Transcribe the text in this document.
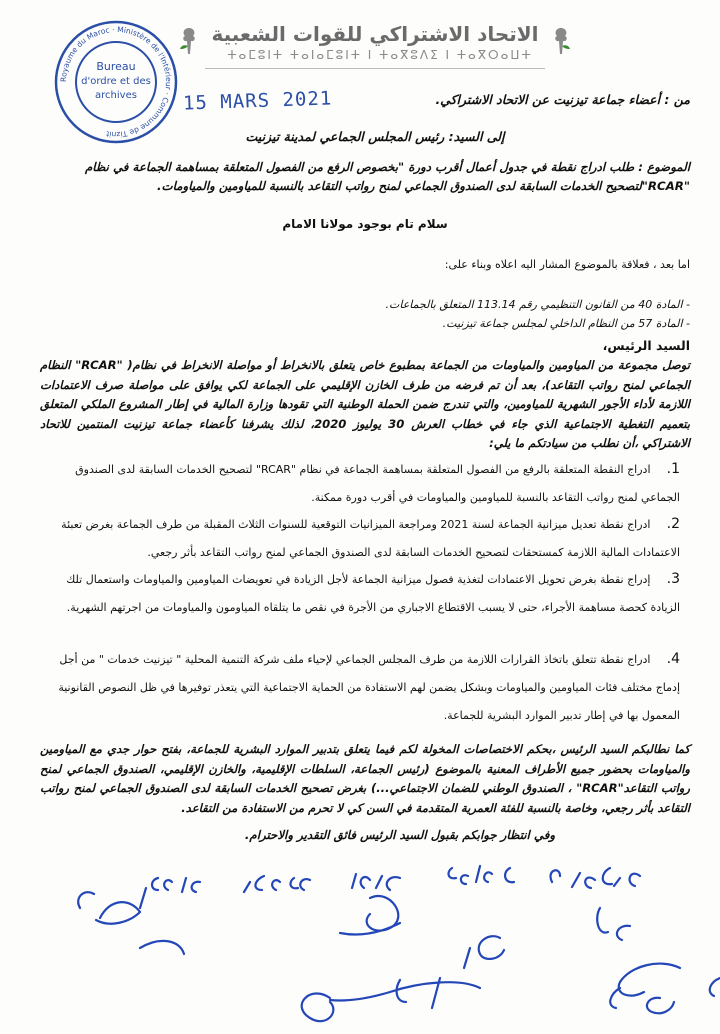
الاتحاد الاشتراكي للقوات الشعبية
ⵜⴰⵎⵓⵏⵜ ⵜⴰⵏⴰⵎⵓⵏⵜ ⵏ ⵜⴰⴳⵓⴷⵉ ⵏ ⵜⴰⴳⵔⴰⵡⵜ
Royaume du Maroc · Ministère de l'Intérieur · Commune de Tiznit
Bureau
d'ordre et des
archives 15 MARS 2021	من : أعضاء جماعة تيزنيت عن الاتحاد الاشتراكي.
إلى السيد: رئيس المجلس الجماعي لمدينة تيزنيت
الموضوع : طلب ادراج نقطة في جدول أعمال أقرب دورة "بخصوص الرفع من الفصول المتعلقة بمساهمة الجماعة في نظام
"RCAR"لتصحيح الخدمات السابقة لدى الصندوق الجماعي لمنح رواتب التقاعد بالنسبة للمياومين والمياومات.
سلام تام بوجود مولانا الامام
اما بعد ، فعلاقة بالموضوع المشار اليه اعلاه وبناء على:
- المادة 40 من القانون التنظيمي رقم 113.14 المتعلق بالجماعات.
- المادة 57 من النظام الداخلي لمجلس جماعة تيزنيت.
السيد الرئيس،
توصل مجموعة من المياومين والمياومات من الجماعة بمطبوع خاص يتعلق بالانخراط أو مواصلة الانخراط في نظام( "RCAR" النظام الجماعي لمنح رواتب التقاعد)، بعد أن تم فرضه من طرف الخازن الإقليمي على الجماعة لكي يوافق على مواصلة صرف الاعتمادات اللازمة لأداء الأجور الشهرية للمياومين، والتي تندرج ضمن الحملة الوطنية التي تقودها وزارة المالية في إطار المشروع الملكي المتعلق بتعميم التغطية الاجتماعية الذي جاء في خطاب العرش 30 يوليوز 2020، لذلك يشرفنا كأعضاء جماعة تيزنيت المنتمين للاتحاد الاشتراكي ،أن نطلب من سيادتكم ما يلي:
1. ادراج النقطة المتعلقة بالرفع من الفصول المتعلقة بمساهمة الجماعة في نظام "RCAR" لتصحيح الخدمات السابقة لدى الصندوق الجماعي لمنح رواتب التقاعد بالنسبة للمياومين والمياومات في أقرب دورة ممكنة.
2. ادراج نقطة تعديل ميزانية الجماعة لسنة 2021 ومراجعة الميزانيات التوقعية للسنوات الثلاث المقبلة من طرف الجماعة بغرض تعبئة الاعتمادات المالية اللازمة كمستحقات لتصحيح الخدمات السابقة لدى الصندوق الجماعي لمنح رواتب التقاعد بأثر رجعي.
3. إدراج نقطة بغرض تحويل الاعتمادات لتغذية فصول ميزانية الجماعة لأجل الزيادة في تعويضات المياومين والمياومات واستعمال تلك الزيادة كحصة مساهمة الأجراء، حتى لا يسبب الاقتطاع الاجباري من الأجرة في نقص ما يتلقاه المياومون والمياومات من اجرتهم الشهرية.
4. ادراج نقطة تتعلق باتخاذ القرارات اللازمة من طرف المجلس الجماعي لإحياء ملف شركة التنمية المحلية " تيزنيت خدمات " من أجل إدماج مختلف فئات المياومين والمياومات وبشكل يضمن لهم الاستفادة من الحماية الاجتماعية التي يتعذر توفيرها في ظل النصوص القانونية المعمول بها في إطار تدبير الموارد البشرية للجماعة.
كما نطالبكم السيد الرئيس ،بحكم الاختصاصات المخولة لكم فيما يتعلق بتدبير الموارد البشرية للجماعة، بفتح حوار جدي مع المياومين والمياومات بحضور جميع الأطراف المعنية بالموضوع (رئيس الجماعة، السلطات الإقليمية، والخازن الإقليمي، الصندوق الجماعي لمنح رواتب التقاعد"RCAR" ، الصندوق الوطني للضمان الاجتماعي...) بغرض تصحيح الخدمات السابقة لدى الصندوق الجماعي لمنح رواتب التقاعد بأثر رجعي، وخاصة بالنسبة للفئة العمرية المتقدمة في السن كي لا تحرم من الاستفادة من التقاعد.
وفي انتظار جوابكم بقبول السيد الرئيس فائق التقدير والاحترام.
